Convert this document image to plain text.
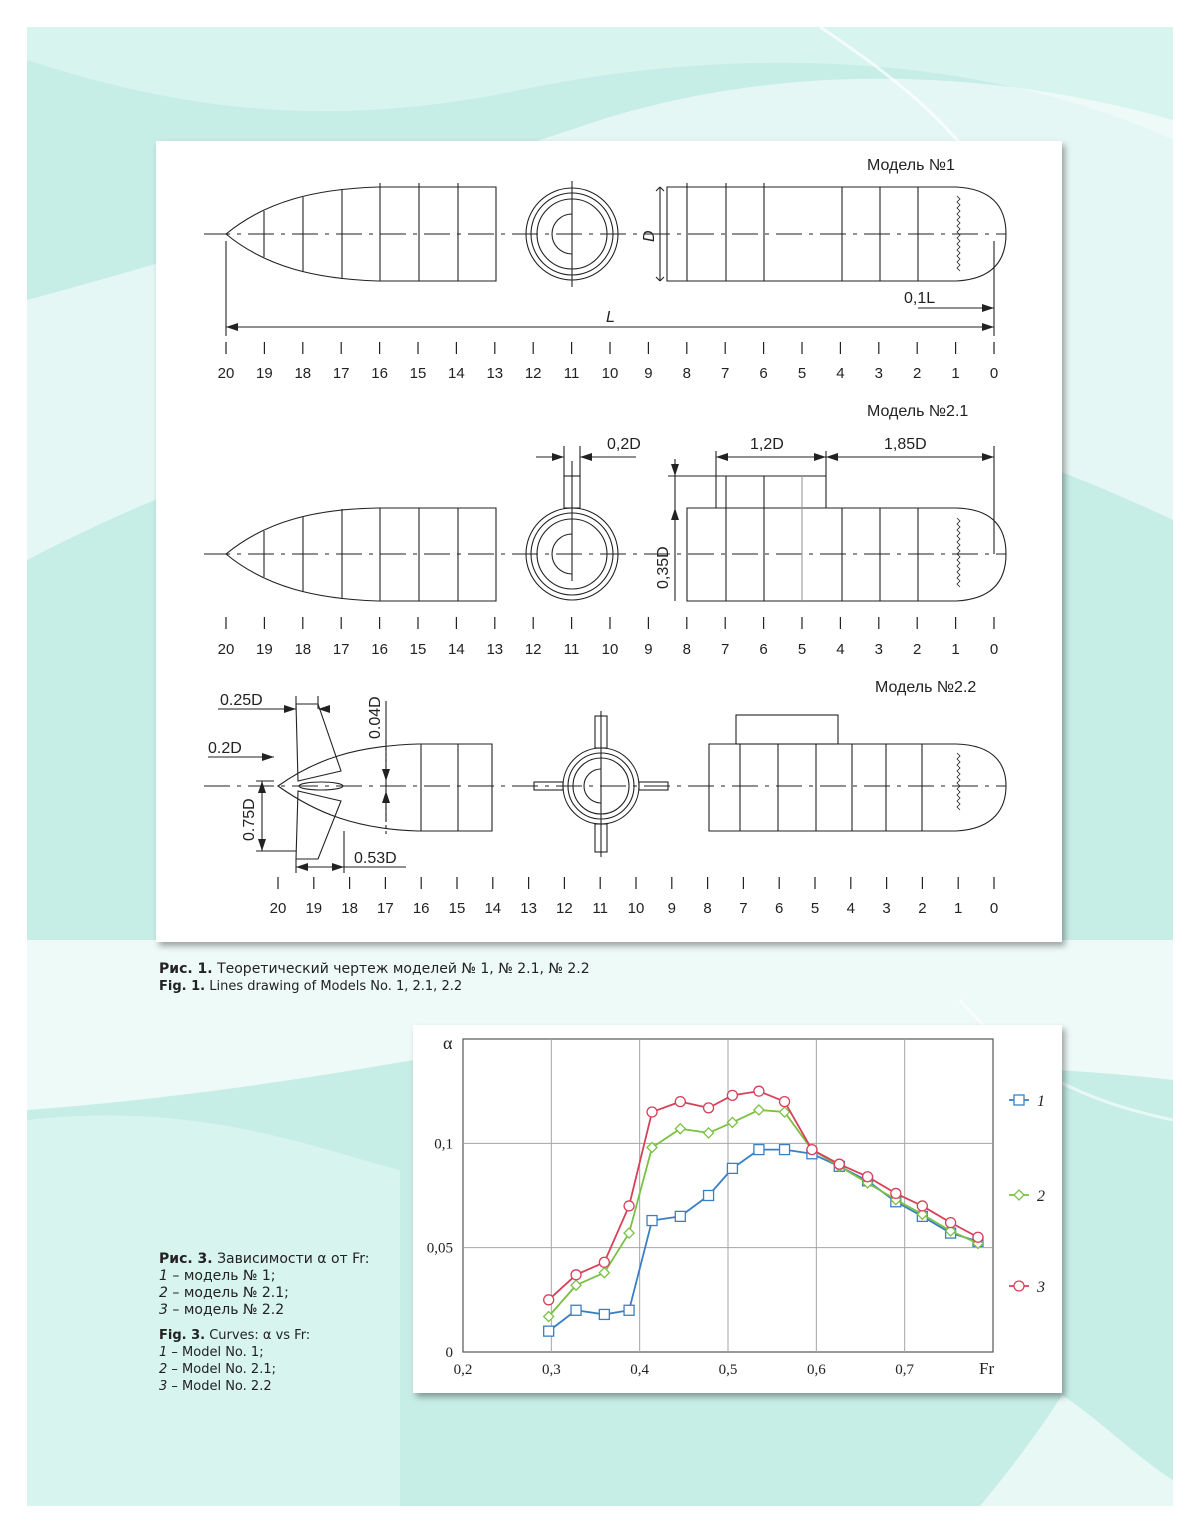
Модель №1
D
0,1L
L
20 19 18 17 16 15 14 13 12 11 10 9 8 7 6 5 4 3 2 1 0
Модель №2.1
0,2D	1,2D	1,85D
0,35D
20 19 18 17 16 15 14 13 12 11 10 9 8 7 6 5 4 3 2 1 0
Модель №2.2
0.25D
0.2D
0.04D
0.75D
0.53D
20 19 18 17 16 15 14 13 12 11 10 9 8 7 6 5 4 3 2 1 0
Рис. 1. Теоретический чертеж моделей № 1, № 2.1, № 2.2
Fig. 1. Lines drawing of Models No. 1, 2.1, 2.2
Рис. 3. Зависимости α от Fr:
1 – модель № 1;
2 – модель № 2.1;
3 – модель № 2.2
Fig. 3. Curves: α vs Fr:
1 – Model No. 1;
2 – Model No. 2.1;
3 – Model No. 2.2
0,2	0,3	0,4	0,5	0,6	0,7
0
0,05
0,1
Fr
α
1
2
3
